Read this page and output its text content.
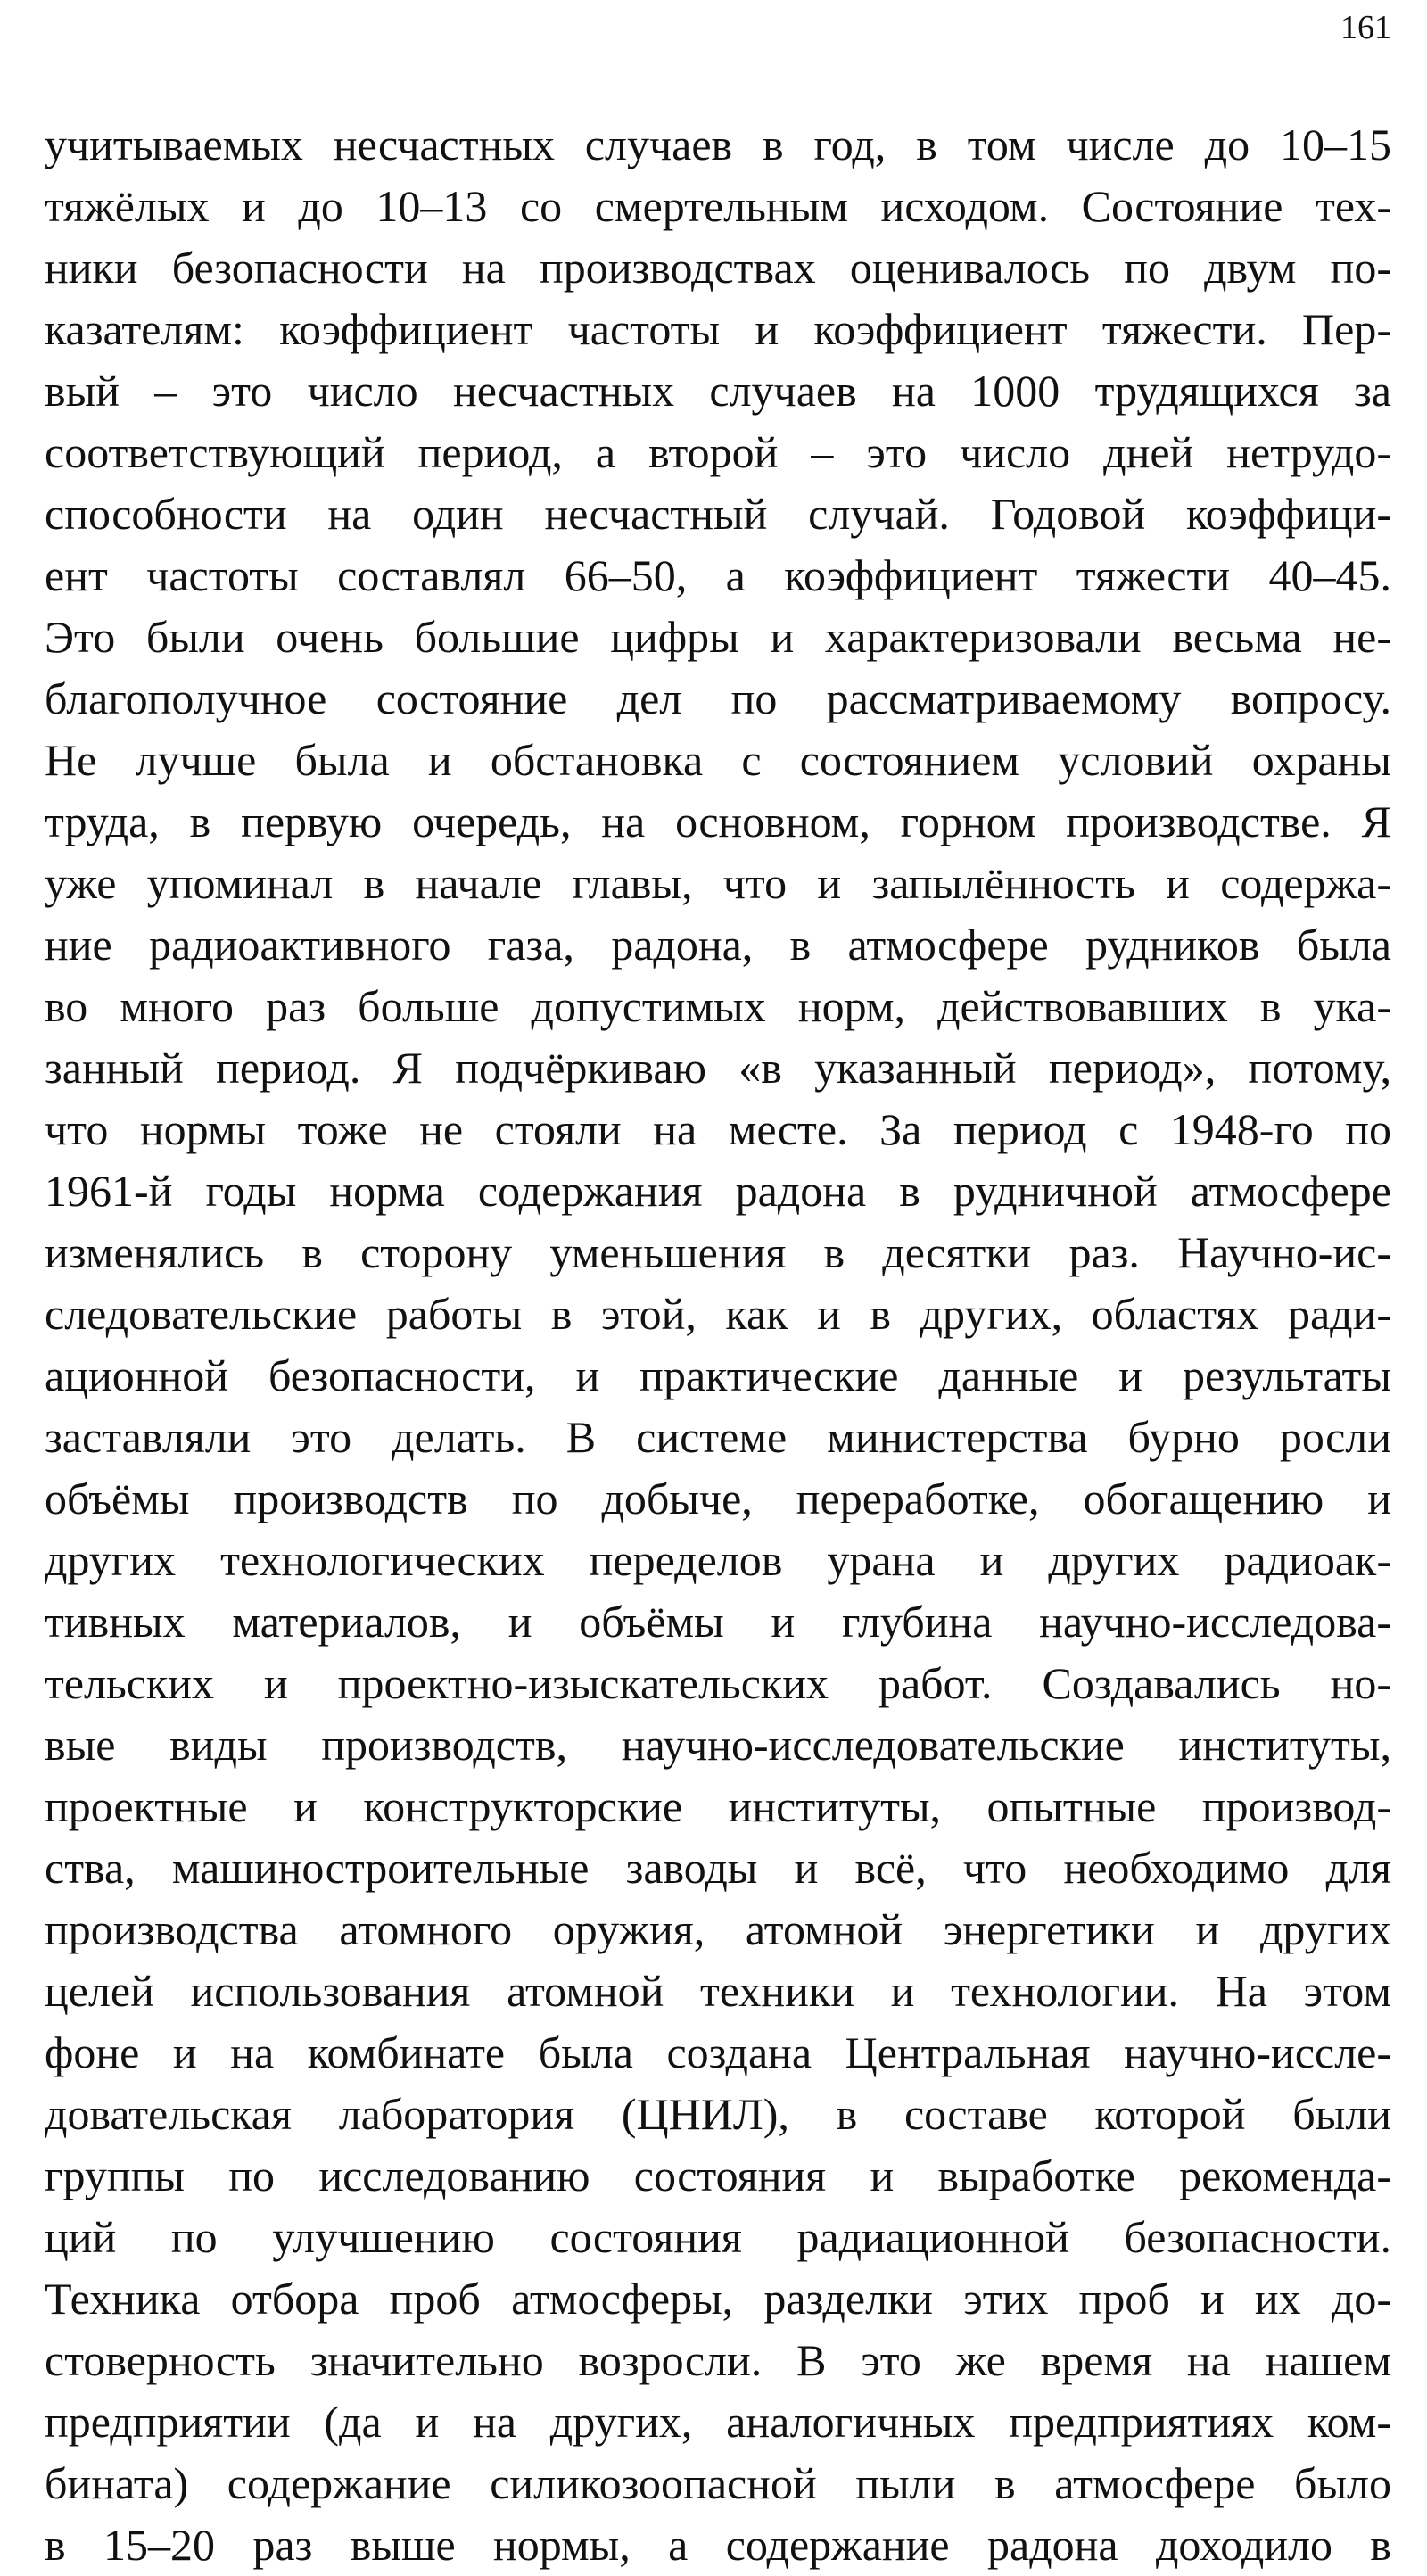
161
учитываемых несчастных случаев в год, в том числе до 10–15
тяжёлых и до 10–13 со смертельным исходом. Состояние тех-
ники безопасности на производствах оценивалось по двум по-
казателям: коэффициент частоты и коэффициент тяжести. Пер-
вый – это число несчастных случаев на 1000 трудящихся за
соответствующий период, а второй – это число дней нетрудо-
способности на один несчастный случай. Годовой коэффици-
ент частоты составлял 66–50, а коэффициент тяжести 40–45.
Это были очень большие цифры и характеризовали весьма не-
благополучное состояние дел по рассматриваемому вопросу.
Не лучше была и обстановка с состоянием условий охраны
труда, в первую очередь, на основном, горном производстве. Я
уже упоминал в начале главы, что и запылённость и содержа-
ние радиоактивного газа, радона, в атмосфере рудников была
во много раз больше допустимых норм, действовавших в ука-
занный период. Я подчёркиваю «в указанный период», потому,
что нормы тоже не стояли на месте. За период с 1948-го по
1961-й годы норма содержания радона в рудничной атмосфере
изменялись в сторону уменьшения в десятки раз. Научно-ис-
следовательские работы в этой, как и в других, областях ради-
ационной безопасности, и практические данные и результаты
заставляли это делать. В системе министерства бурно росли
объёмы производств по добыче, переработке, обогащению и
других технологических переделов урана и других радиоак-
тивных материалов, и объёмы и глубина научно-исследова-
тельских и проектно-изыскательских работ. Создавались но-
вые виды производств, научно-исследовательские институты,
проектные и конструкторские институты, опытные производ-
ства, машиностроительные заводы и всё, что необходимо для
производства атомного оружия, атомной энергетики и других
целей использования атомной техники и технологии. На этом
фоне и на комбинате была создана Центральная научно-иссле-
довательская лаборатория (ЦНИЛ), в составе которой были
группы по исследованию состояния и выработке рекоменда-
ций по улучшению состояния радиационной безопасности.
Техника отбора проб атмосферы, разделки этих проб и их до-
стоверность значительно возросли. В это же время на нашем
предприятии (да и на других, аналогичных предприятиях ком-
бината) содержание силикозоопасной пыли в атмосфере было
в 15–20 раз выше нормы, а содержание радона доходило в
